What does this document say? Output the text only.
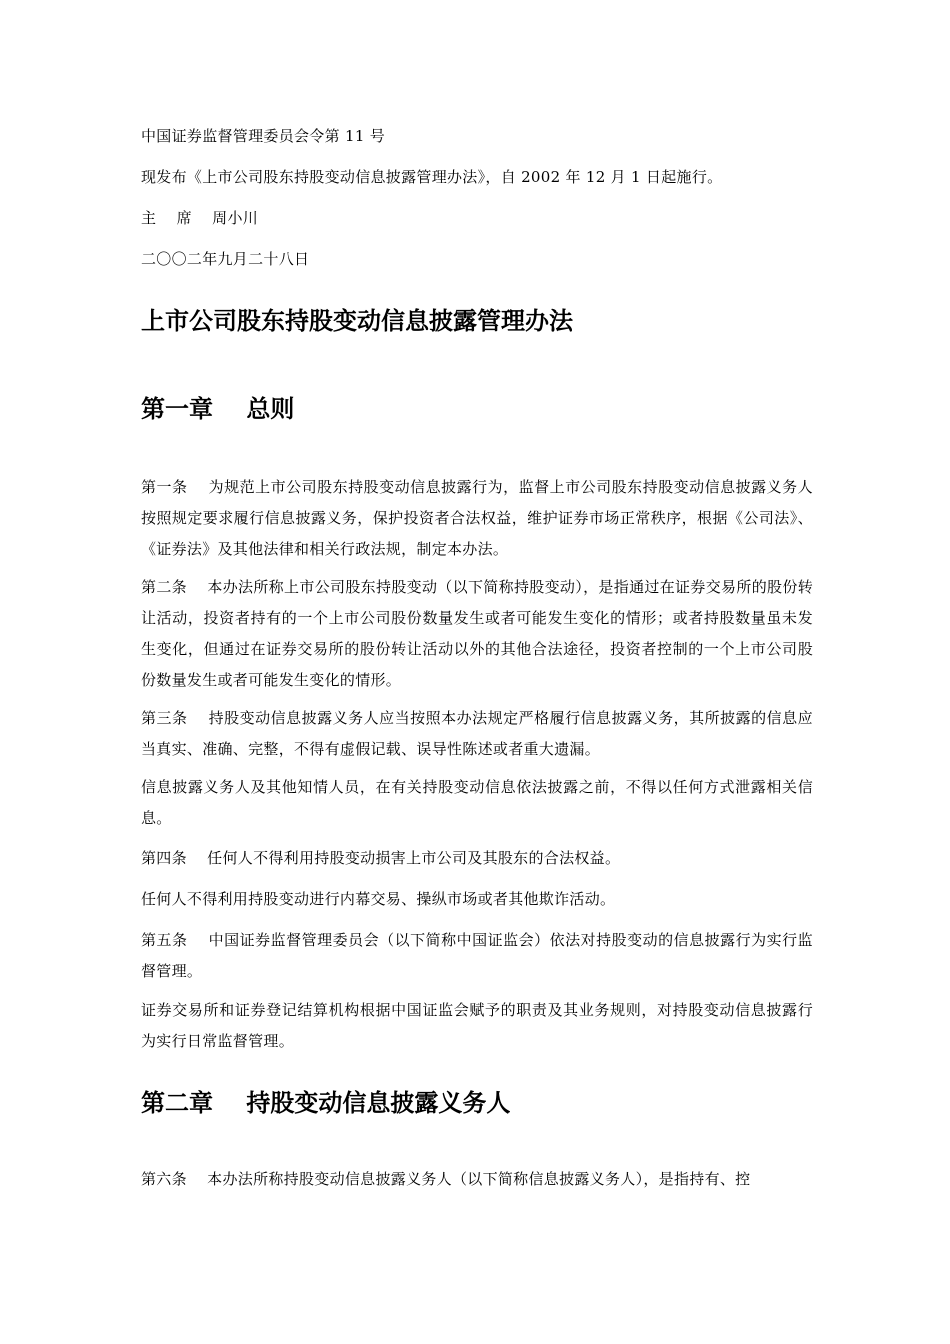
中国证券监督管理委员会令第 11 号

现发布《上市公司股东持股变动信息披露管理办法》，自 2002 年 12 月 1 日起施行。

主    席    周小川

二〇〇二年九月二十八日

上市公司股东持股变动信息披露管理办法
第一章    总则

第一条    为规范上市公司股东持股变动信息披露行为，监督上市公司股东持股变动信息披露义务人按照规定要求履行信息披露义务，保护投资者合法权益，维护证券市场正常秩序，根据《公司法》、《证券法》及其他法律和相关行政法规，制定本办法。

第二条    本办法所称上市公司股东持股变动（以下简称持股变动），是指通过在证券交易所的股份转让活动，投资者持有的一个上市公司股份数量发生或者可能发生变化的情形；或者持股数量虽未发生变化，但通过在证券交易所的股份转让活动以外的其他合法途径，投资者控制的一个上市公司股份数量发生或者可能发生变化的情形。

第三条    持股变动信息披露义务人应当按照本办法规定严格履行信息披露义务，其所披露的信息应当真实、准确、完整，不得有虚假记载、误导性陈述或者重大遗漏。

信息披露义务人及其他知情人员，在有关持股变动信息依法披露之前，不得以任何方式泄露相关信息。

第四条    任何人不得利用持股变动损害上市公司及其股东的合法权益。

任何人不得利用持股变动进行内幕交易、操纵市场或者其他欺诈活动。

第五条    中国证券监督管理委员会（以下简称中国证监会）依法对持股变动的信息披露行为实行监督管理。

证券交易所和证券登记结算机构根据中国证监会赋予的职责及其业务规则，对持股变动信息披露行为实行日常监督管理。

第二章    持股变动信息披露义务人

第六条    本办法所称持股变动信息披露义务人（以下简称信息披露义务人），是指持有、控
